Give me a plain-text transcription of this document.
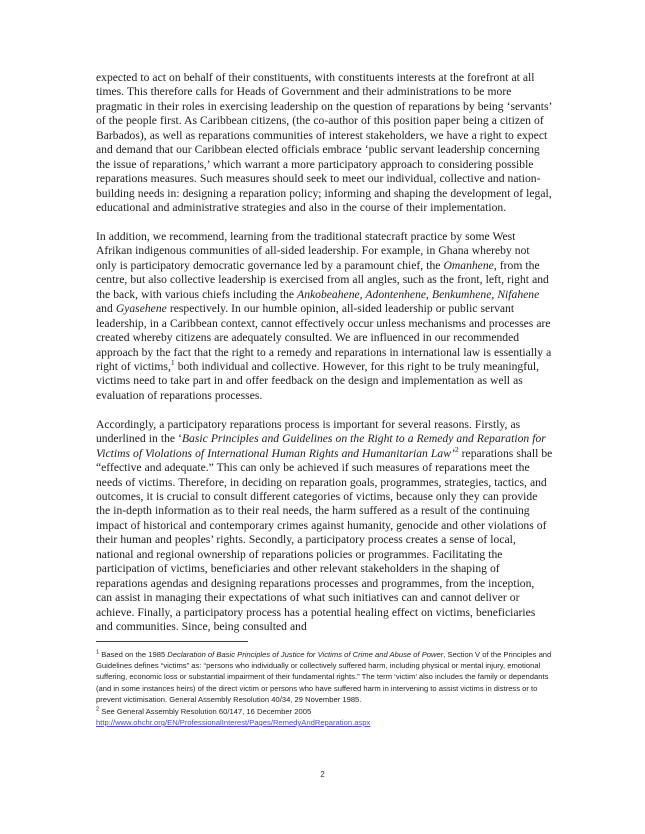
expected to act on behalf of their constituents, with constituents interests at the forefront at all times. This therefore calls for Heads of Government and their administrations to be more pragmatic in their roles in exercising leadership on the question of reparations by being ‘servants’ of the people first. As Caribbean citizens, (the co-author of this position paper being a citizen of Barbados), as well as reparations communities of interest stakeholders, we have a right to expect and demand that our Caribbean elected officials embrace ‘public servant leadership concerning the issue of reparations,’ which warrant a more participatory approach to considering possible reparations measures. Such measures should seek to meet our individual, collective and nation-building needs in: designing a reparation policy; informing and shaping the development of legal, educational and administrative strategies and also in the course of their implementation.

In addition, we recommend, learning from the traditional statecraft practice by some West Afrikan indigenous communities of all-sided leadership. For example, in Ghana whereby not only is participatory democratic governance led by a paramount chief, the Omanhene, from the centre, but also collective leadership is exercised from all angles, such as the front, left, right and the back, with various chiefs including the Ankobeahene, Adontenhene, Benkumhene, Nifahene and Gyasehene respectively. In our humble opinion, all-sided leadership or public servant leadership, in a Caribbean context, cannot effectively occur unless mechanisms and processes are created whereby citizens are adequately consulted. We are influenced in our recommended approach by the fact that the right to a remedy and reparations in international law is essentially a right of victims,$^1$ both individual and collective. However, for this right to be truly meaningful, victims need to take part in and offer feedback on the design and implementation as well as evaluation of reparations processes.

Accordingly, a participatory reparations process is important for several reasons. Firstly, as underlined in the ‘Basic Principles and Guidelines on the Right to a Remedy and Reparation for Victims of Violations of International Human Rights and Humanitarian Law’$^2$ reparations shall be “effective and adequate.” This can only be achieved if such measures of reparations meet the needs of victims. Therefore, in deciding on reparation goals, programmes, strategies, tactics, and outcomes, it is crucial to consult different categories of victims, because only they can provide the in-depth information as to their real needs, the harm suffered as a result of the continuing impact of historical and contemporary crimes against humanity, genocide and other violations of their human and peoples’ rights. Secondly, a participatory process creates a sense of local, national and regional ownership of reparations policies or programmes. Facilitating the participation of victims, beneficiaries and other relevant stakeholders in the shaping of reparations agendas and designing reparations processes and programmes, from the inception, can assist in managing their expectations of what such initiatives can and cannot deliver or achieve. Finally, a participatory process has a potential healing effect on victims, beneficiaries and communities. Since, being consulted and

$^1$ Based on the 1985 Declaration of Basic Principles of Justice for Victims of Crime and Abuse of Power, Section V of the Principles and Guidelines defines “victims” as: “persons who individually or collectively suffered harm, including physical or mental injury, emotional suffering, economic loss or substantial impairment of their fundamental rights.” The term ‘victim’ also includes the family or dependants (and in some instances heirs) of the direct victim or persons who have suffered harm in intervening to assist victims in distress or to prevent victimisation. General Assembly Resolution 40/34, 29 November 1985.

$^2$ See General Assembly Resolution 60/147, 16 December 2005

http://www.ohchr.org/EN/ProfessionalInterest/Pages/RemedyAndReparation.aspx

2
